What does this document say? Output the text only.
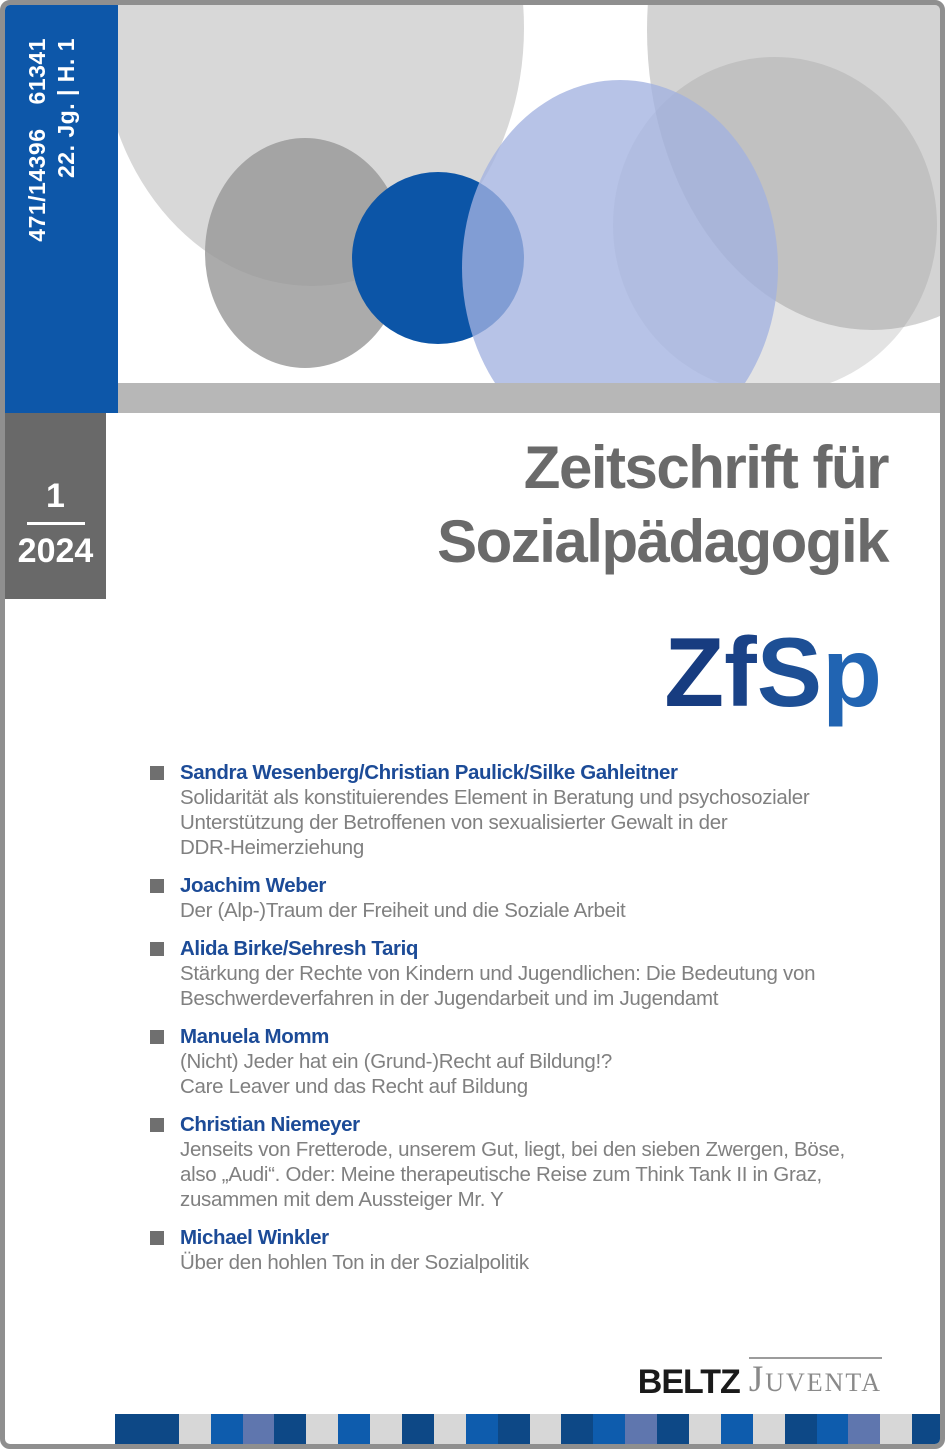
471/1439661341 22. Jg. | H. 1
1
2024
Zeitschrift für
Sozialpädagogik
ZfSp
Sandra Wesenberg/Christian Paulick/Silke Gahleitner
Solidarität als konstituierendes Element in Beratung und psychosozialer
Unterstützung der Betroffenen von sexualisierter Gewalt in der
DDR-Heimerziehung
Joachim Weber
Der (Alp-)Traum der Freiheit und die Soziale Arbeit
Alida Birke/Sehresh Tariq
Stärkung der Rechte von Kindern und Jugendlichen: Die Bedeutung von
Beschwerdeverfahren in der Jugendarbeit und im Jugendamt
Manuela Momm
(Nicht) Jeder hat ein (Grund-)Recht auf Bildung!?
Care Leaver und das Recht auf Bildung
Christian Niemeyer
Jenseits von Fretterode, unserem Gut, liegt, bei den sieben Zwergen, Böse,
also „Audi“. Oder: Meine therapeutische Reise zum Think Tank II in Graz,
zusammen mit dem Aussteiger Mr. Y
Michael Winkler
Über den hohlen Ton in der Sozialpolitik
BELTZ Juventa
